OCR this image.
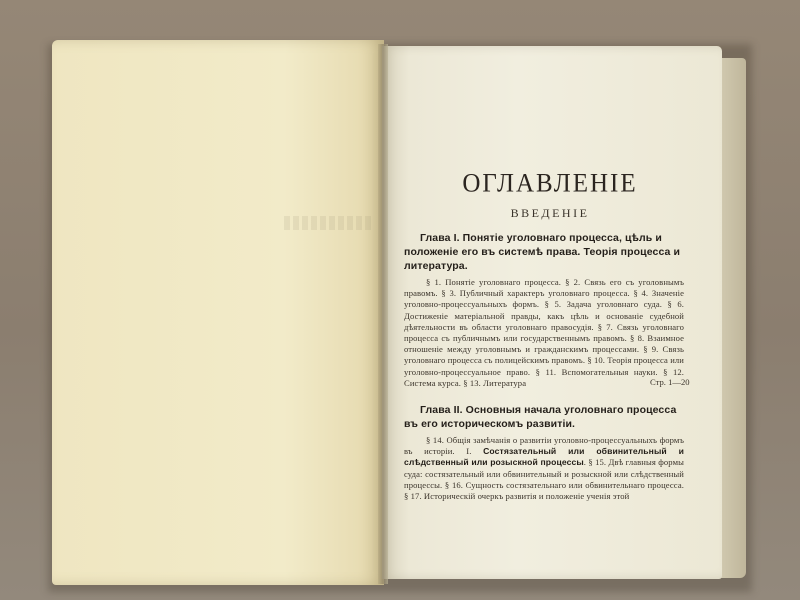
ОГЛАВЛЕНІЕ
ВВЕДЕНІЕ

Глава I. Понятіе уголовнаго процесса, цѣль и положеніе его въ системѣ права. Теорія процесса и литература.

§ 1. Понятіе уголовнаго процесса. § 2. Связь его съ уголовнымъ правомъ. § 3. Публичный характеръ уголовнаго процесса. § 4. Значеніе уголовно-процессуальныхъ формъ. § 5. Задача уголовнаго суда. § 6. Достиженіе матеріальной правды, какъ цѣль и основаніе судебной дѣятельности въ области уголовнаго правосудія. § 7. Связь уголовнаго процесса съ публичнымъ или государственнымъ правомъ. § 8. Взаимное отношеніе между уголовнымъ и гражданскимъ процессами. § 9. Связь уголовнаго процесса съ полицейскимъ правомъ. § 10. Теорія процесса или уголовно-процессуальное право. § 11. Вспомогательныя науки. § 12. Система курса. § 13. Литература

Глава II. Основныя начала уголовнаго процесса въ его историческомъ развитіи.

§ 14. Общія замѣчанія о развитіи уголовно-процессуальныхъ формъ въ исторіи. I. Состязательный или обвинительный и слѣдственный или розыскной процессы. § 15. Двѣ главныя формы суда: состязательный или обвинительный и розыскной или слѣдственный процессы. § 16. Сущность состязательнаго или обвинительнаго процесса. § 17. Историческій очеркъ развитія и положеніе ученія этой

Стр. 1—20
